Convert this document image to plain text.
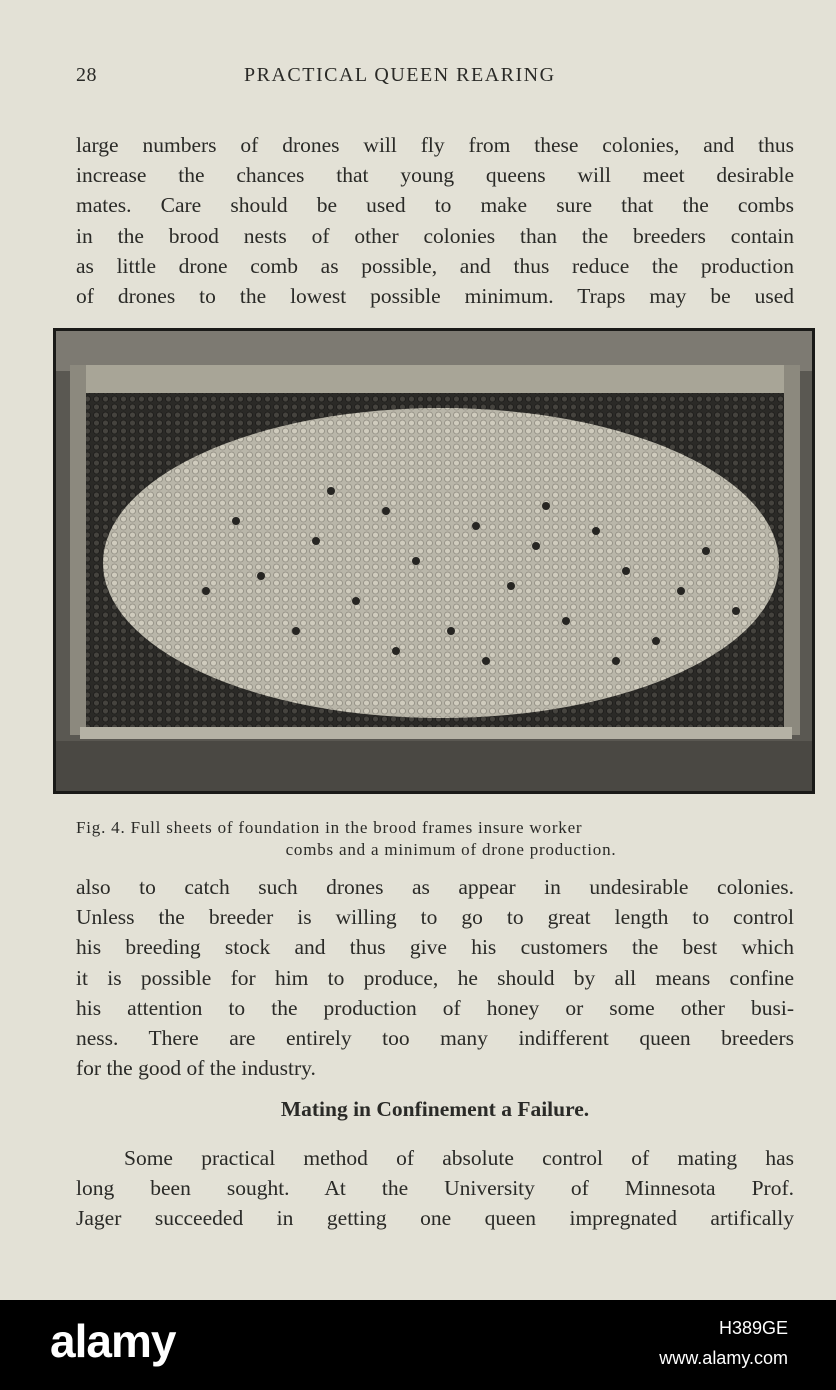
28	PRACTICAL QUEEN REARING
large numbers of drones will fly from these colonies, and thus
increase the chances that young queens will meet desirable
mates. Care should be used to make sure that the combs
in the brood nests of other colonies than the breeders contain
as little drone comb as possible, and thus reduce the production
of drones to the lowest possible minimum. Traps may be used
Fig. 4. Full sheets of foundation in the brood frames insure worker
combs and a minimum of drone production.
also to catch such drones as appear in undesirable colonies.
Unless the breeder is willing to go to great length to control
his breeding stock and thus give his customers the best which
it is possible for him to produce, he should by all means confine
his attention to the production of honey or some other busi-
ness. There are entirely too many indifferent queen breeders
for the good of the industry.
Mating in Confinement a Failure.
Some practical method of absolute control of mating has
long been sought. At the University of Minnesota Prof.
Jager succeeded in getting one queen impregnated artifically
alamy	H389GE
www.alamy.com
